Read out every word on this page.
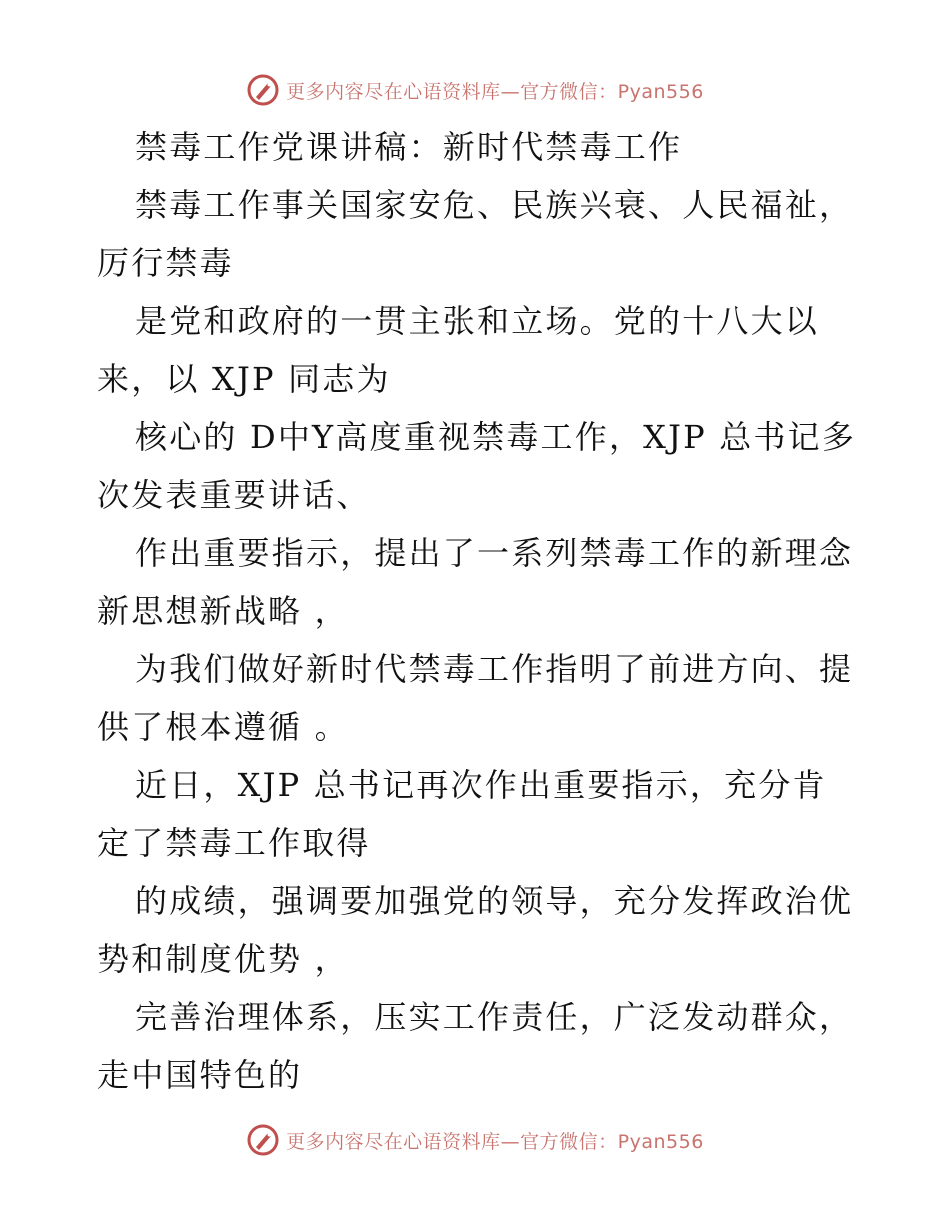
更多内容尽在心语资料库—官方微信：Pyan556

禁毒工作党课讲稿：新时代禁毒工作

禁毒工作事关国家安危、民族兴衰、人民福祉，厉行禁毒

是党和政府的一贯主张和立场。党的十八大以来，以 XJP 同志为

核心的 D中Y高度重视禁毒工作，XJP 总书记多次发表重要讲话、

作出重要指示，提出了一系列禁毒工作的新理念新思想新战略 ，

为我们做好新时代禁毒工作指明了前进方向、提供了根本遵循 。

近日，XJP 总书记再次作出重要指示，充分肯定了禁毒工作取得

的成绩，强调要加强党的领导，充分发挥政治优势和制度优势 ，

完善治理体系，压实工作责任，广泛发动群众，走中国特色的

更多内容尽在心语资料库—官方微信：Pyan556
